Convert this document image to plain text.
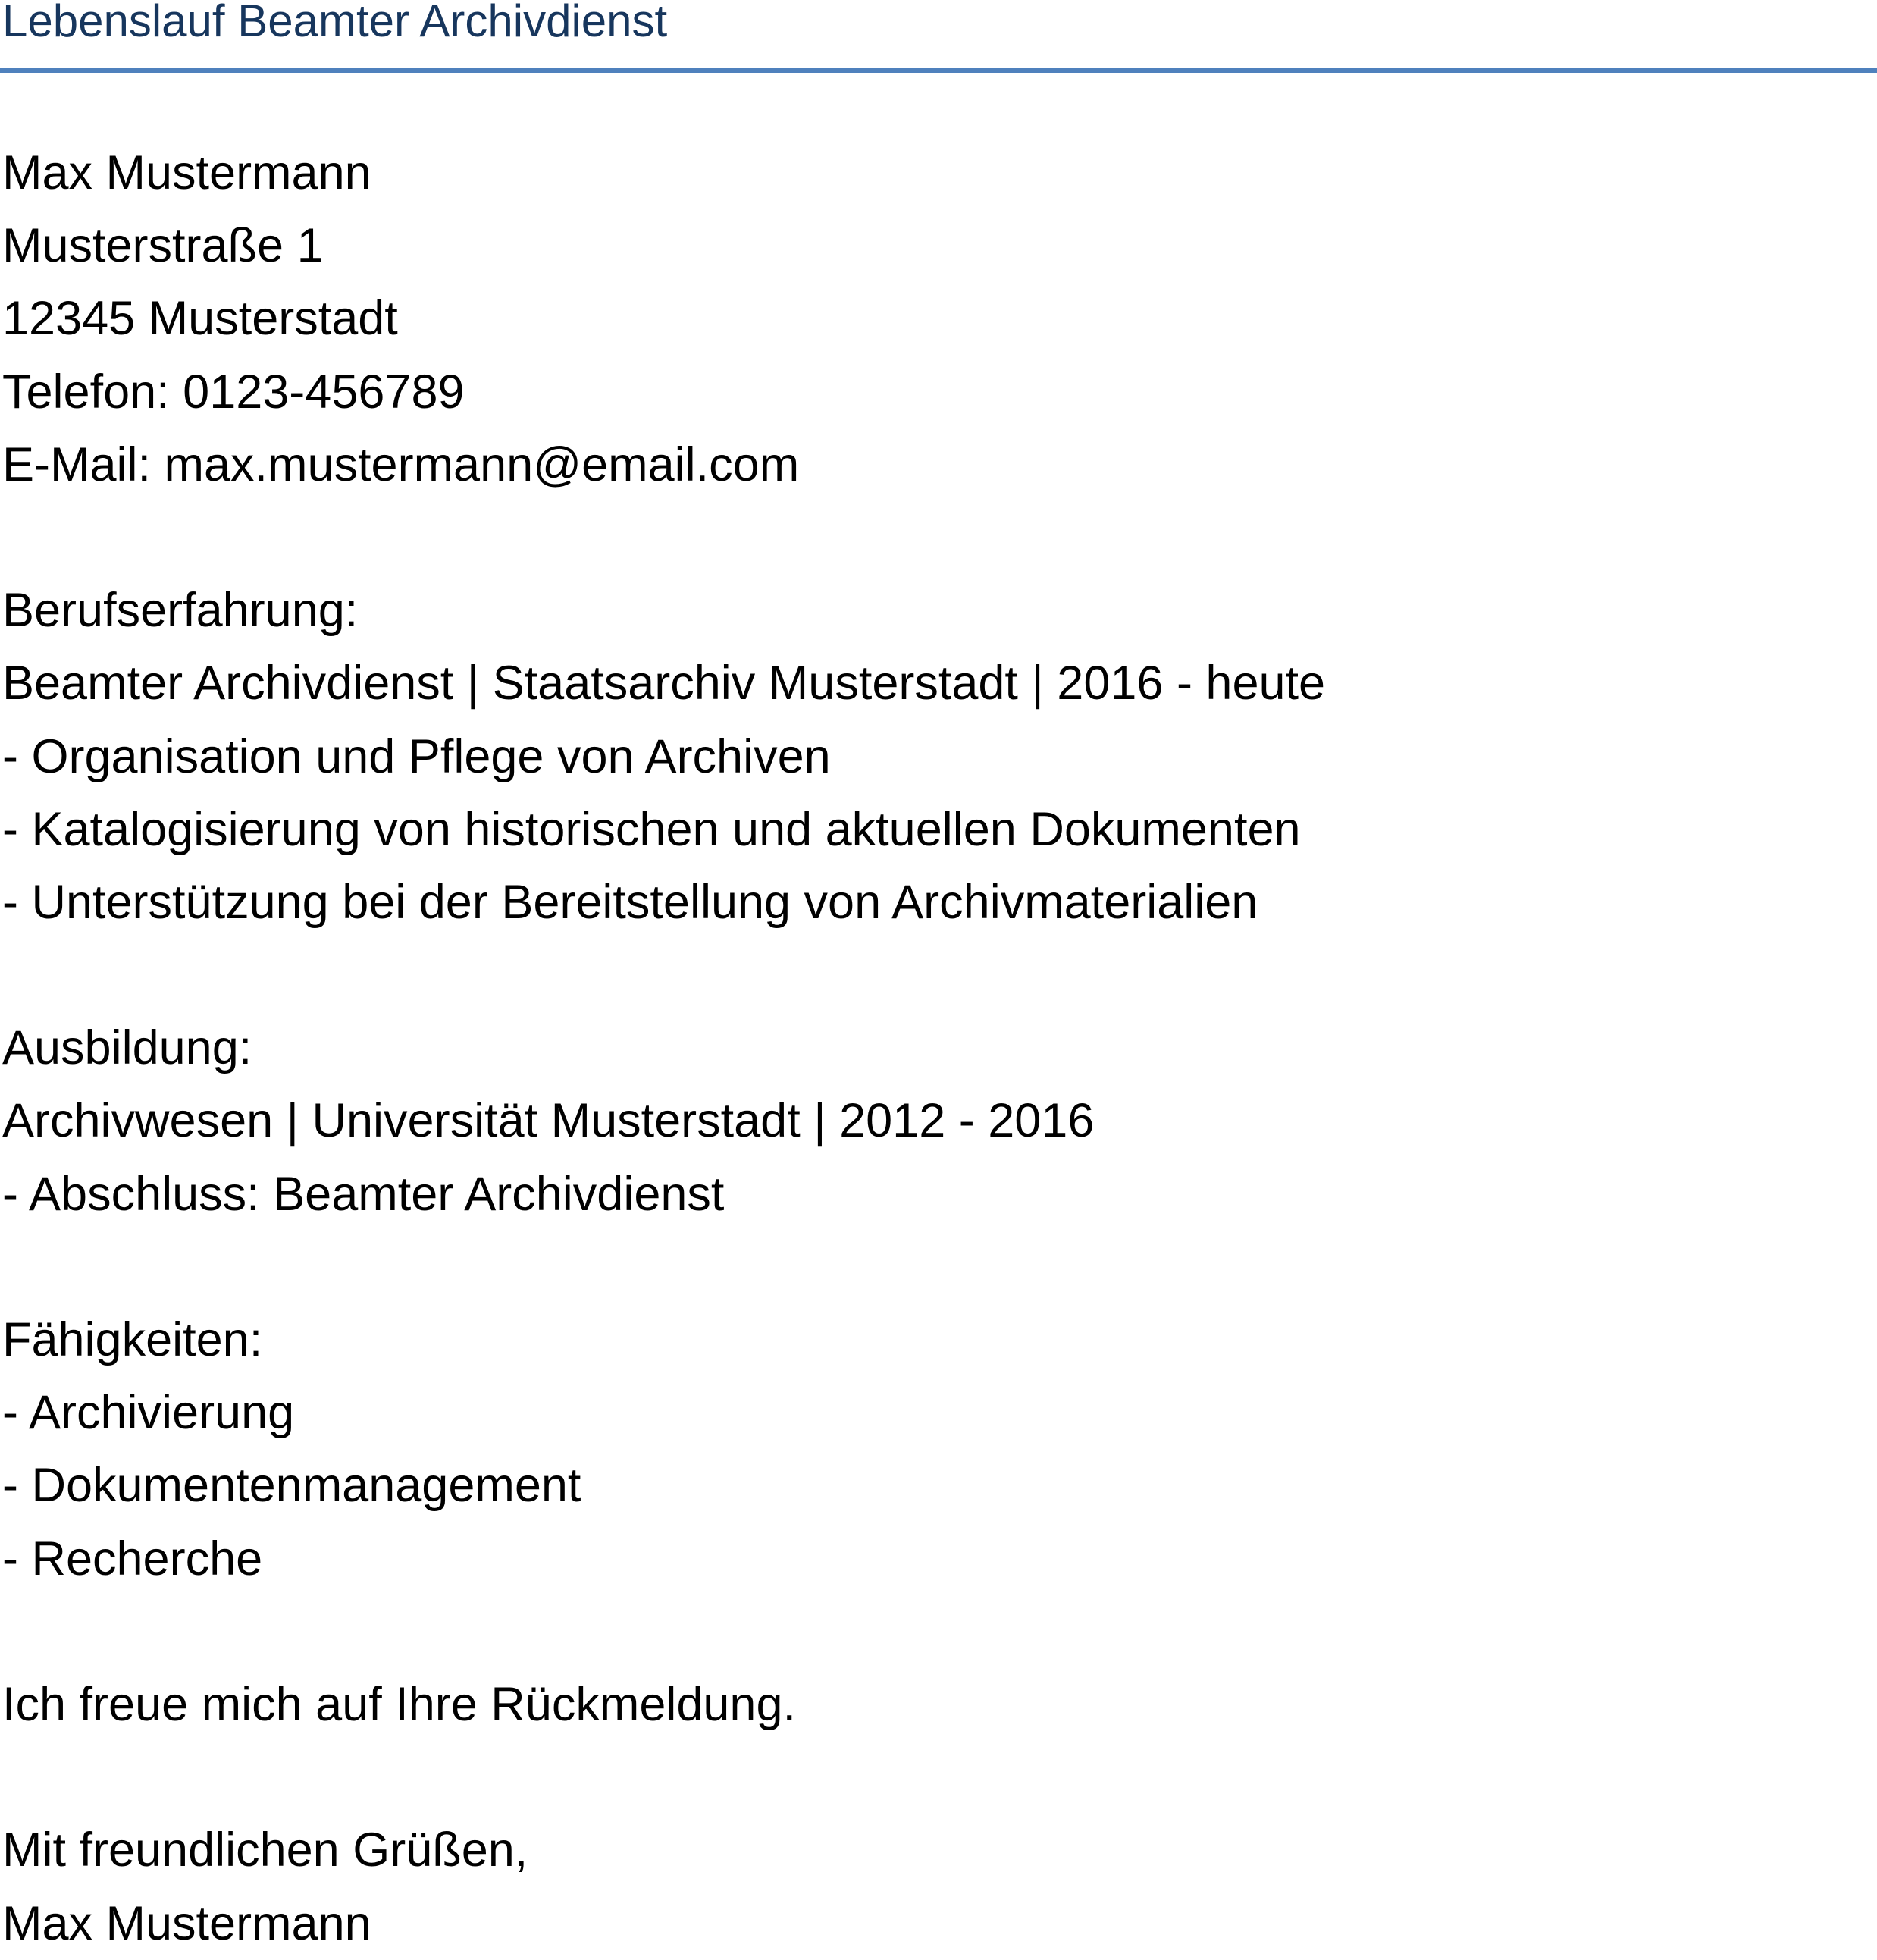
Lebenslauf Beamter Archivdienst
Max Mustermann
Musterstraße 1
12345 Musterstadt
Telefon: 0123-456789
E-Mail: max.mustermann@email.com
Berufserfahrung:
Beamter Archivdienst | Staatsarchiv Musterstadt | 2016 - heute
- Organisation und Pflege von Archiven
- Katalogisierung von historischen und aktuellen Dokumenten
- Unterstützung bei der Bereitstellung von Archivmaterialien
Ausbildung:
Archivwesen | Universität Musterstadt | 2012 - 2016
- Abschluss: Beamter Archivdienst
Fähigkeiten:
- Archivierung
- Dokumentenmanagement
- Recherche
Ich freue mich auf Ihre Rückmeldung.
Mit freundlichen Grüßen,
Max Mustermann
